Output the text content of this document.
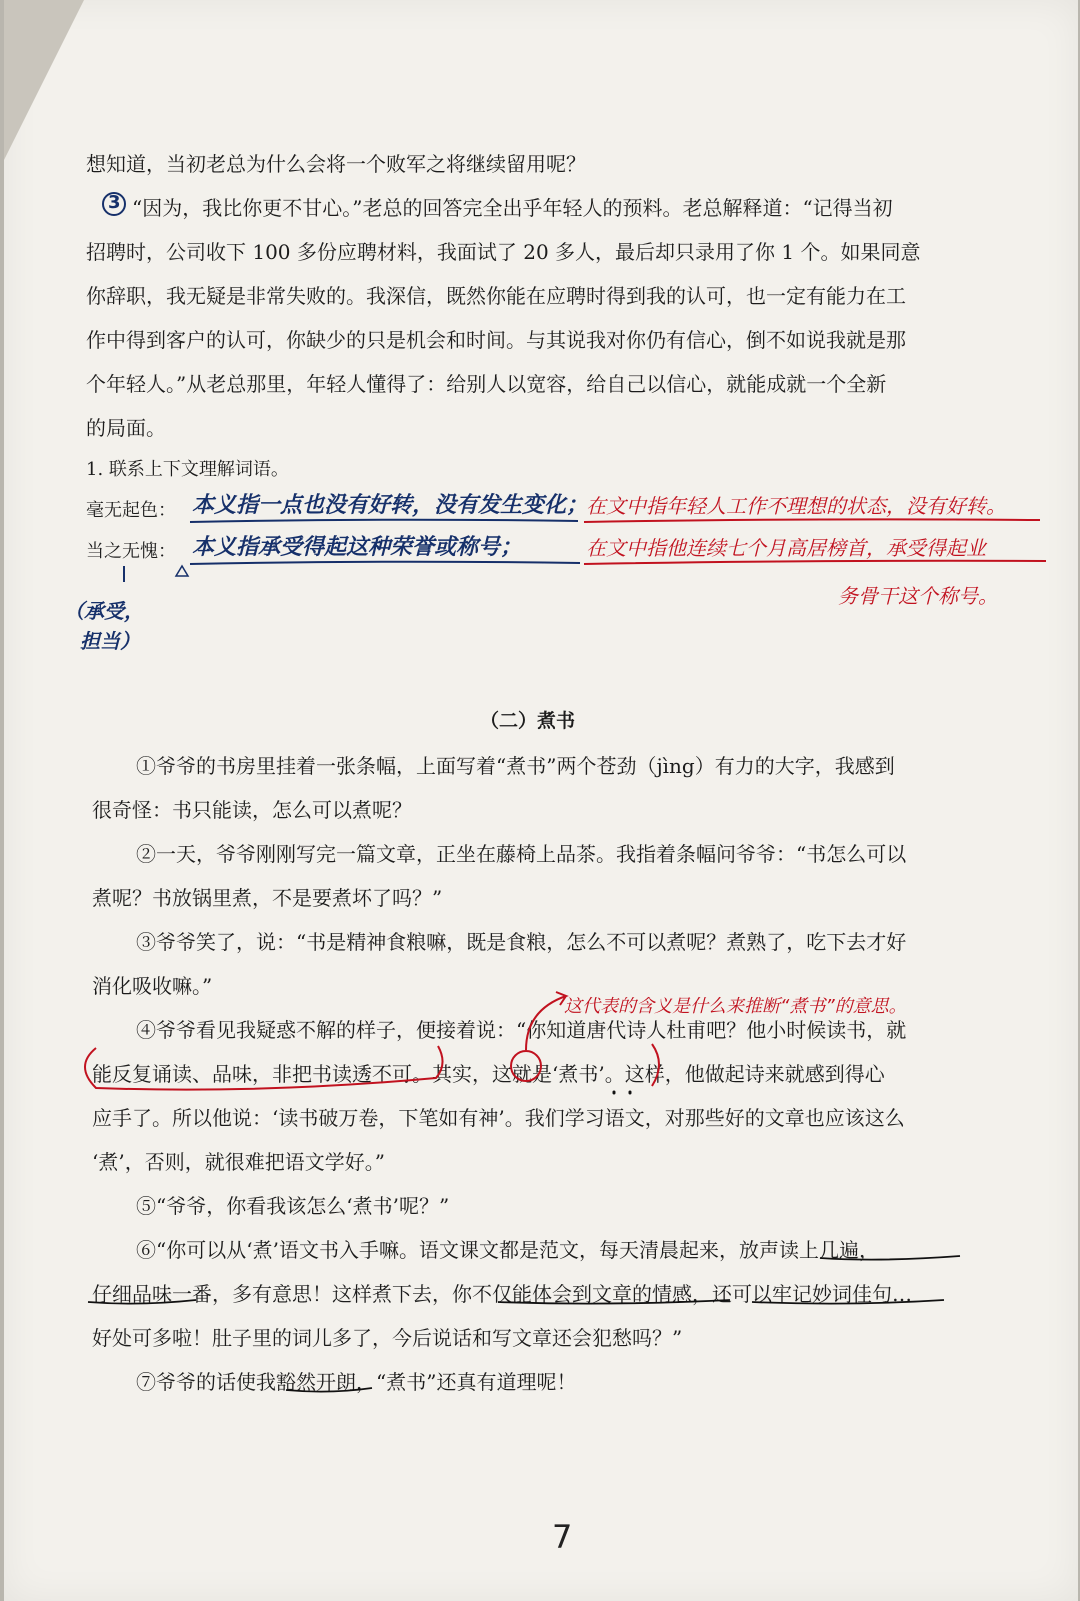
想知道，当初老总为什么会将一个败军之将继续留用呢？
3 “因为，我比你更不甘心。”老总的回答完全出乎年轻人的预料。老总解释道：“记得当初
招聘时，公司收下 100 多份应聘材料，我面试了 20 多人，最后却只录用了你 1 个。如果同意
你辞职，我无疑是非常失败的。我深信，既然你能在应聘时得到我的认可，也一定有能力在工
作中得到客户的认可，你缺少的只是机会和时间。与其说我对你仍有信心，倒不如说我就是那
个年轻人。”从老总那里，年轻人懂得了：给别人以宽容，给自己以信心，就能成就一个全新
的局面。
1. 联系上下文理解词语。
毫无起色：
当之无愧：
本义指一点也没有好转，没有发生变化；
在文中指年轻人工作不理想的状态，没有好转。
本义指承受得起这种荣誉或称号；	在文中指他连续七个月高居榜首，承受得起业
务骨干这个称号。
（承受，
担当）
（二）煮书
①爷爷的书房里挂着一张条幅，上面写着“煮书”两个苍劲（jìng）有力的大字，我感到
很奇怪：书只能读，怎么可以煮呢？
②一天，爷爷刚刚写完一篇文章，正坐在藤椅上品茶。我指着条幅问爷爷：“书怎么可以
煮呢？书放锅里煮，不是要煮坏了吗？”
③爷爷笑了，说：“书是精神食粮嘛，既是食粮，怎么不可以煮呢？煮熟了，吃下去才好
消化吸收嘛。”
④爷爷看见我疑惑不解的样子，便接着说：“你知道唐代诗人杜甫吧？他小时候读书，就
能反复诵读、品味，非把书读透不可。其实，这就是‘煮书’。这样，他做起诗来就感到得心
应手了。所以他说：‘读书破万卷，下笔如有神’。我们学习语文，对那些好的文章也应该这么
‘煮’，否则，就很难把语文学好。”
⑤“爷爷，你看我该怎么‘煮书’呢？”
⑥“你可以从‘煮’语文书入手嘛。语文课文都是范文，每天清晨起来，放声读上几遍，
仔细品味一番，多有意思！这样煮下去，你不仅能体会到文章的情感，还可以牢记妙词佳句…
好处可多啦！肚子里的词儿多了，今后说话和写文章还会犯愁吗？”
⑦爷爷的话使我豁然开朗，“煮书”还真有道理呢！
这代表的含义是什么来推断“煮书”的意思。
7
